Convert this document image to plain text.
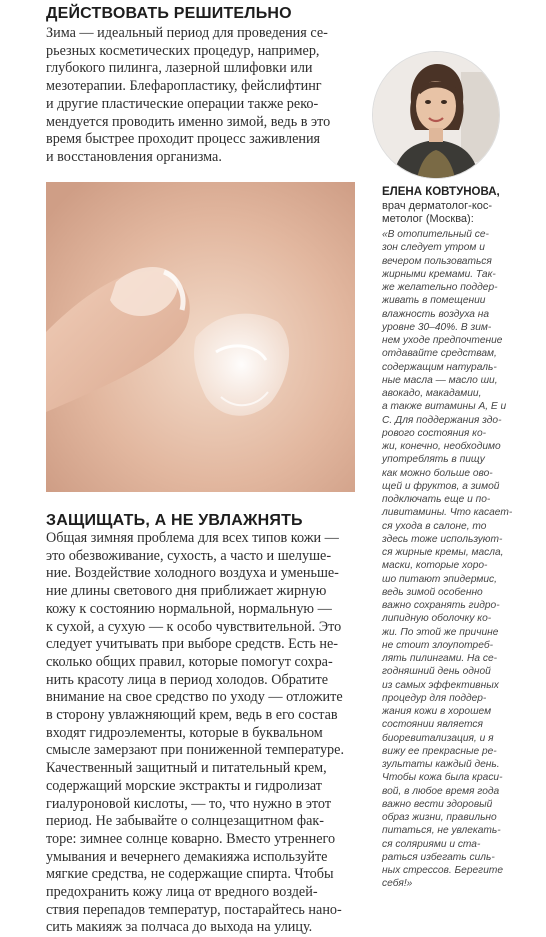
ДЕЙСТВОВАТЬ РЕШИТЕЛЬНО
Зима — идеальный период для проведения се-
рьезных косметических процедур, например,
глубокого пилинга, лазерной шлифовки или
мезотерапии. Блефаропластику, фейслифтинг
и другие пластические операции также реко-
мендуется проводить именно зимой, ведь в это
время быстрее проходит процесс заживления
и восстановления организма.
ЗАЩИЩАТЬ, А НЕ УВЛАЖНЯТЬ
Общая зимняя проблема для всех типов кожи —
это обезвоживание, сухость, а часто и шелуше-
ние. Воздействие холодного воздуха и уменьше-
ние длины светового дня приближает жирную
кожу к состоянию нормальной, нормальную —
к сухой, а сухую — к особо чувствительной. Это
следует учитывать при выборе средств. Есть не-
сколько общих правил, которые помогут сохра-
нить красоту лица в период холодов. Обратите
внимание на свое средство по уходу — отложите
в сторону увлажняющий крем, ведь в его состав
входят гидроэлементы, которые в буквальном
смысле замерзают при пониженной температуре.
Качественный защитный и питательный крем,
содержащий морские экстракты и гидролизат
гиалуроновой кислоты, — то, что нужно в этот
период. Не забывайте о солнцезащитном фак-
торе: зимнее солнце коварно. Вместо утреннего
умывания и вечернего демакияжа используйте
мягкие средства, не содержащие спирта. Чтобы
предохранить кожу лица от вредного воздей-
ствия перепадов температур, постарайтесь нано-
сить макияж за полчаса до выхода на улицу.
ЕЛЕНА КОВТУНОВА,
врач дерматолог-кос-
метолог (Москва):
«В отопительный се-
зон следует утром и
вечером пользоваться
жирными кремами. Так-
же желательно поддер-
живать в помещении
влажность воздуха на
уровне 30–40%. В зим-
нем уходе предпочтение
отдавайте средствам,
содержащим натураль-
ные масла — масло ши,
авокадо, макадамии,
а также витамины А, Е и
С. Для поддержания здо-
рового состояния ко-
жи, конечно, необходимо
употреблять в пищу
как можно больше ово-
щей и фруктов, а зимой
подключать еще и по-
ливитамины. Что касает-
ся ухода в салоне, то
здесь тоже используют-
ся жирные кремы, масла,
маски, которые хоро-
шо питают эпидермис,
ведь зимой особенно
важно сохранять гидро-
липидную оболочку ко-
жи. По этой же причине
не стоит злоупотреб-
лять пилингами. На се-
годняшний день одной
из самых эффективных
процедур для поддер-
жания кожи в хорошем
состоянии является
биоревитализация, и я
вижу ее прекрасные ре-
зультаты каждый день.
Чтобы кожа была краси-
вой, в любое время года
важно вести здоровый
образ жизни, правильно
питаться, не увлекать-
ся соляриями и ста-
раться избегать силь-
ных стрессов. Берегите
себя!»
